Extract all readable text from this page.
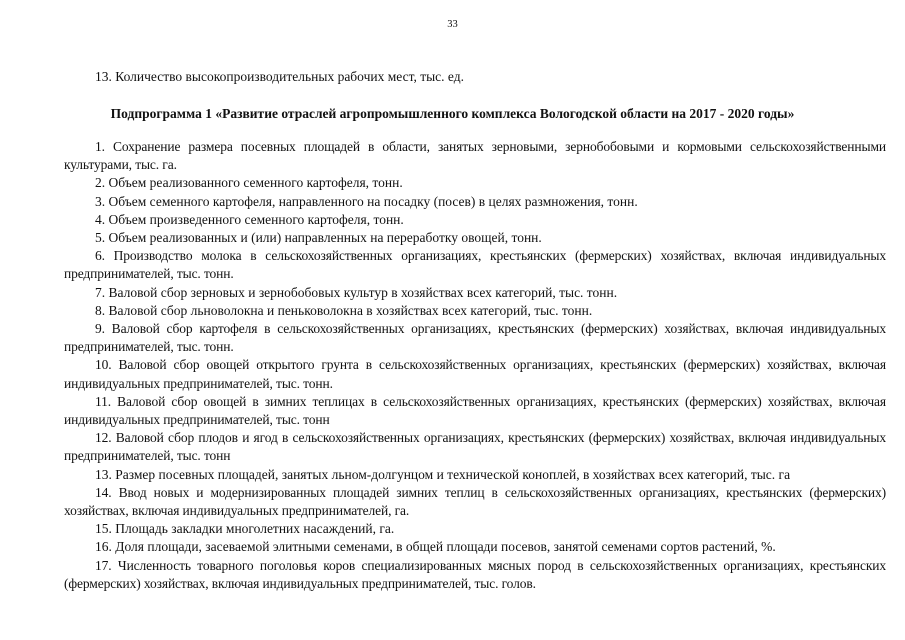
33
13. Количество высокопроизводительных рабочих мест, тыс. ед.
Подпрограмма 1 «Развитие отраслей агропромышленного комплекса Вологодской области на 2017 - 2020 годы»

1. Сохранение размера посевных площадей в области, занятых зерновыми, зернобобовыми и кормовыми сельскохозяйственными культурами, тыс. га.

2. Объем реализованного семенного картофеля, тонн.

3. Объем семенного картофеля, направленного на посадку (посев) в целях размножения, тонн.

4. Объем произведенного семенного картофеля, тонн.

5. Объем реализованных и (или) направленных на переработку овощей, тонн.

6. Производство молока в сельскохозяйственных организациях, крестьянских (фермерских) хозяйствах, включая индивидуальных предпринимателей, тыс. тонн.

7. Валовой сбор зерновых и зернобобовых культур в хозяйствах всех категорий, тыс. тонн.

8. Валовой сбор льноволокна и пеньковолокна в хозяйствах всех категорий, тыс. тонн.

9. Валовой сбор картофеля в сельскохозяйственных организациях, крестьянских (фермерских) хозяйствах, включая индивидуальных предпринимателей, тыс. тонн.

10. Валовой сбор овощей открытого грунта в сельскохозяйственных организациях, крестьянских (фермерских) хозяйствах, включая индивидуальных предпринимателей, тыс. тонн.

11. Валовой сбор овощей в зимних теплицах в сельскохозяйственных организациях, крестьянских (фермерских) хозяйствах, включая индивидуальных предпринимателей, тыс. тонн

12. Валовой сбор плодов и ягод в сельскохозяйственных организациях, крестьянских (фермерских) хозяйствах, включая индивидуальных предпринимателей, тыс. тонн

13. Размер посевных площадей, занятых льном-долгунцом и технической коноплей, в хозяйствах всех категорий, тыс. га

14. Ввод новых и модернизированных площадей зимних теплиц в сельскохозяйственных организациях, крестьянских (фермерских) хозяйствах, включая индивидуальных предпринимателей, га.

15. Площадь закладки многолетних насаждений, га.

16. Доля площади, засеваемой элитными семенами, в общей площади посевов, занятой семенами сортов растений, %.

17. Численность товарного поголовья коров специализированных мясных пород в сельскохозяйственных организациях, крестьянских (фермерских) хозяйствах, включая индивидуальных предпринимателей, тыс. голов.
